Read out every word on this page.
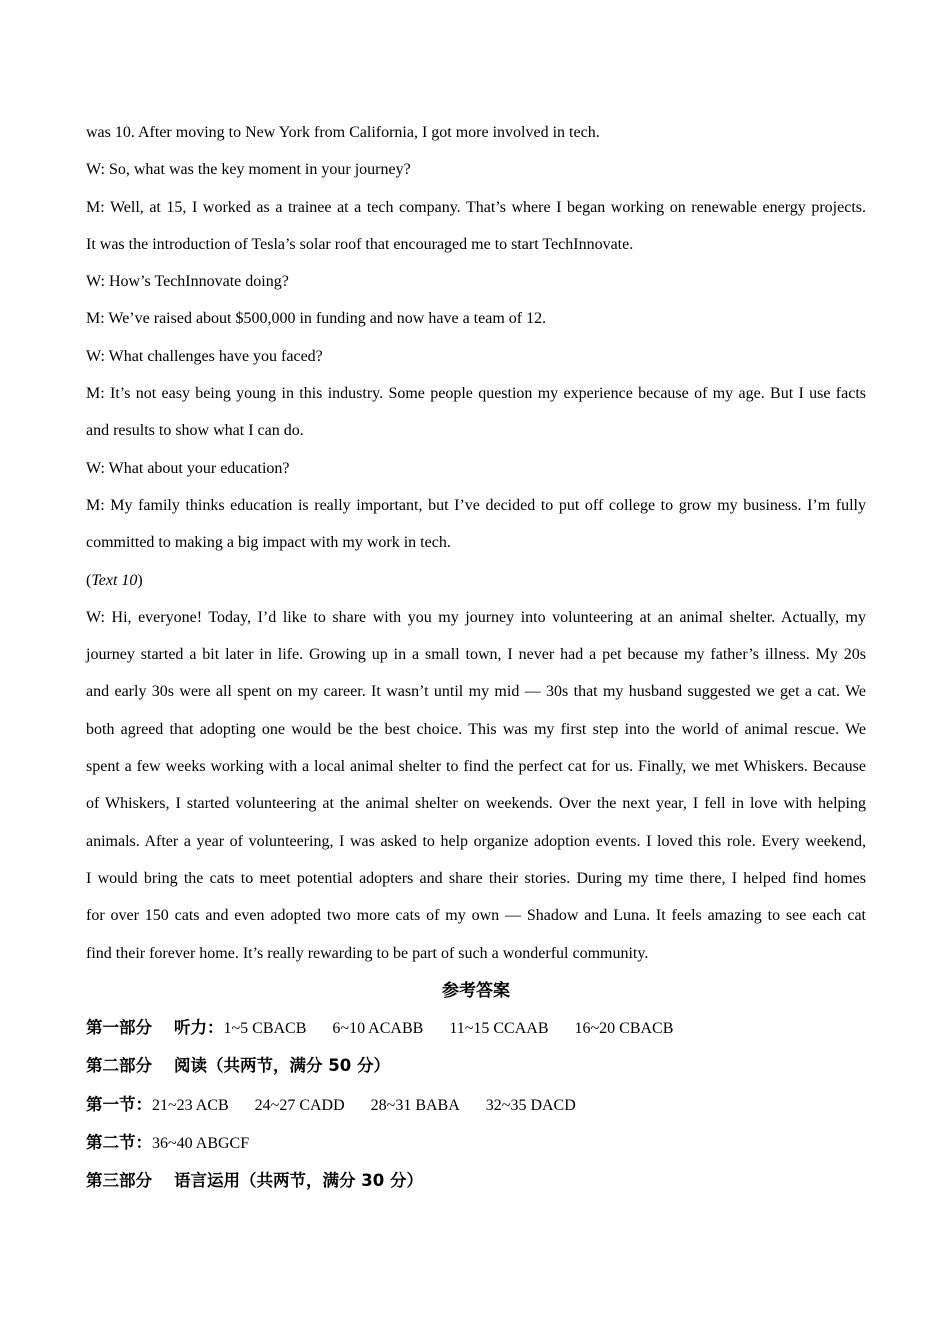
was 10. After moving to New York from California, I got more involved in tech.

W: So, what was the key moment in your journey?

M: Well, at 15, I worked as a trainee at a tech company. That’s where I began working on renewable energy projects.

It was the introduction of Tesla’s solar roof that encouraged me to start TechInnovate.

W: How’s TechInnovate doing?

M: We’ve raised about $500,000 in funding and now have a team of 12.

W: What challenges have you faced?

M: It’s not easy being young in this industry. Some people question my experience because of my age. But I use facts

and results to show what I can do.

W: What about your education?

M: My family thinks education is really important, but I’ve decided to put off college to grow my business. I’m fully

committed to making a big impact with my work in tech.

(Text 10)

W: Hi, everyone! Today, I’d like to share with you my journey into volunteering at an animal shelter. Actually, my

journey started a bit later in life. Growing up in a small town, I never had a pet because my father’s illness. My 20s

and early 30s were all spent on my career. It wasn’t until my mid — 30s that my husband suggested we get a cat. We

both agreed that adopting one would be the best choice. This was my first step into the world of animal rescue. We

spent a few weeks working with a local animal shelter to find the perfect cat for us. Finally, we met Whiskers. Because

of Whiskers, I started volunteering at the animal shelter on weekends. Over the next year, I fell in love with helping

animals. After a year of volunteering, I was asked to help organize adoption events. I loved this role. Every weekend,

I would bring the cats to meet potential adopters and share their stories. During my time there, I helped find homes

for over 150 cats and even adopted two more cats of my own — Shadow and Luna. It feels amazing to see each cat

find their forever home. It’s really rewarding to be part of such a wonderful community.

参考答案

第一部分　 听力：1~5 CBACB 6~10 ACABB 11~15 CCAAB 16~20 CBACB

第二部分　 阅读（共两节，满分 50 分）

第一节：21~23 ACB 24~27 CADD 28~31 BABA 32~35 DACD

第二节：36~40 ABGCF

第三部分　 语言运用（共两节，满分 30 分）
